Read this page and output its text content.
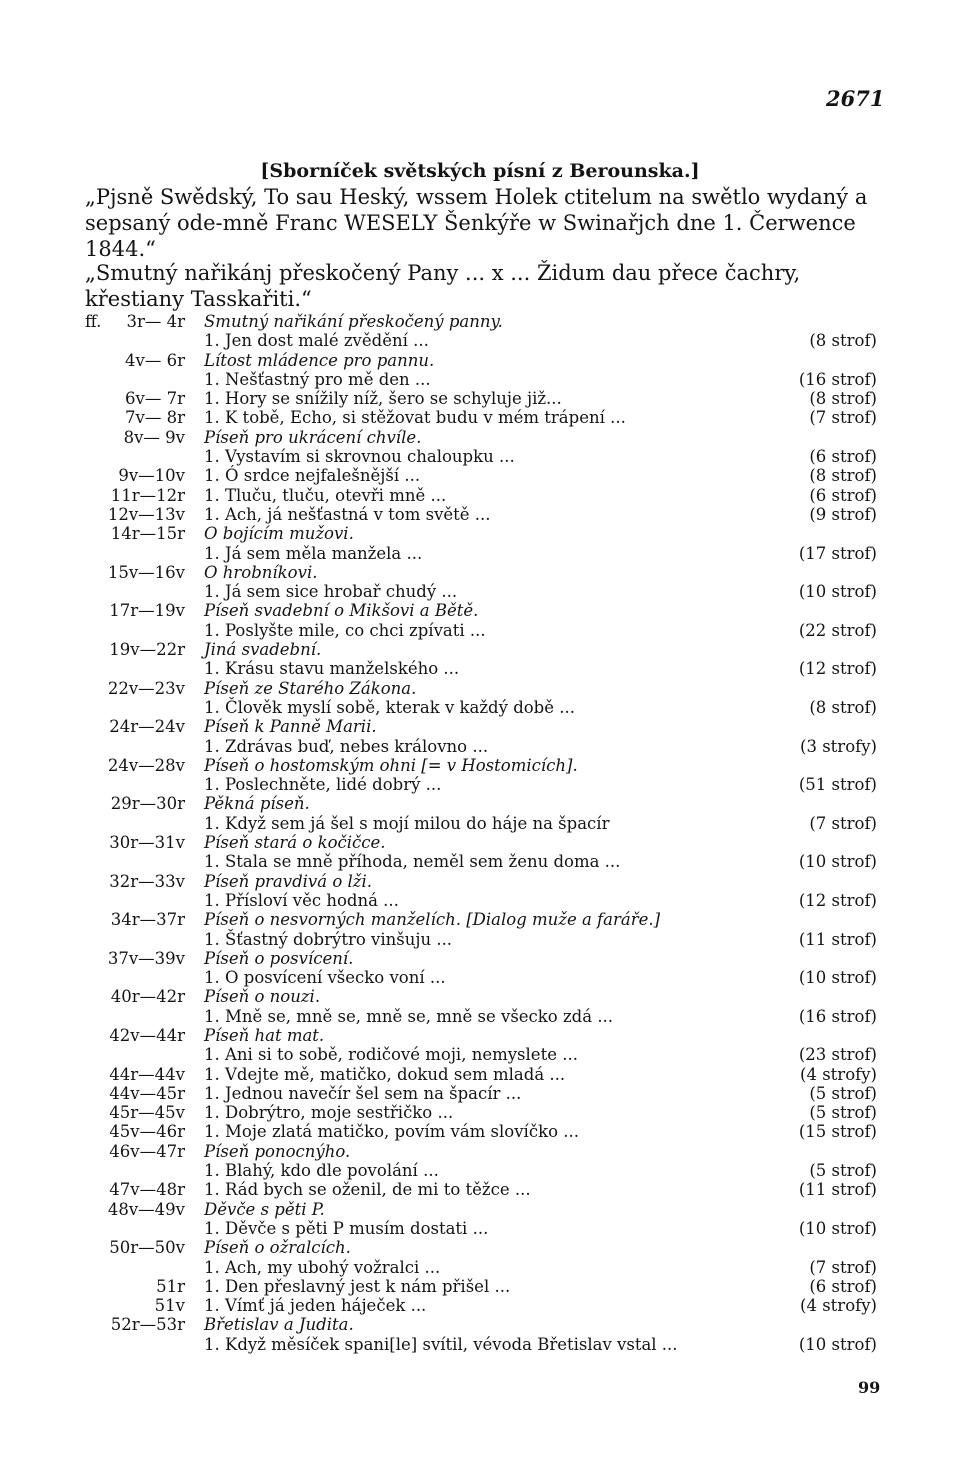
2671
[Sborníček světských písní z Berounska.]
„Pjsně Swědský, To sau Heský, wssem Holek ctitelum na swětlo wydaný a sepsaný ode-mně Franc WESELY Šenkýře w Swinařjch dne 1. Čerwence 1844.“
„Smutný nařikánj přeskočený Pany ... x ... Židum dau přece čachry, křestiany Tasskařiti.“
ff. 3r— 4r Smutný nařikání přeskočený panny.
1. Jen dost malé zvědění ...	(8 strof)
4v— 6r Lítost mládence pro pannu.
1. Nešťastný pro mě den ...	(16 strof)
6v— 7r 1. Hory se snížily níž, šero se schyluje již...	(8 strof)
7v— 8r 1. K tobě, Echo, si stěžovat budu v mém trápení ...	(7 strof)
8v— 9v Píseň pro ukrácení chvíle.
1. Vystavím si skrovnou chaloupku ...	(6 strof)
9v—10v 1. Ó srdce nejfalešnější ...	(8 strof)
11r—12r 1. Tluču, tluču, otevři mně ...	(6 strof)
12v—13v 1. Ach, já nešťastná v tom světě ...	(9 strof)
14r—15r O bojícím mužovi.
1. Já sem měla manžela ...	(17 strof)
15v—16v O hrobníkovi.
1. Já sem sice hrobař chudý ...	(10 strof)
17r—19v Píseň svadební o Mikšovi a Bětě.
1. Poslyšte mile, co chci zpívati ...	(22 strof)
19v—22r Jiná svadební.
1. Krásu stavu manželského ...	(12 strof)
22v—23v Píseň ze Starého Zákona.
1. Člověk myslí sobě, kterak v každý době ...	(8 strof)
24r—24v Píseň k Panně Marii.
1. Zdrávas buď, nebes královno ...	(3 strofy)
24v—28v Píseň o hostomským ohni [= v Hostomicích].
1. Poslechněte, lidé dobrý ...	(51 strof)
29r—30r Pěkná píseň.
1. Když sem já šel s mojí milou do háje na špacír	(7 strof)
30r—31v Píseň stará o kočičce.
1. Stala se mně příhoda, neměl sem ženu doma ...	(10 strof)
32r—33v Píseň pravdivá o lži.
1. Přísloví věc hodná ...	(12 strof)
34r—37r Píseň o nesvorných manželích. [Dialog muže a faráře.]
1. Šťastný dobrýtro vinšuju ...	(11 strof)
37v—39v Píseň o posvícení.
1. O posvícení všecko voní ...	(10 strof)
40r—42r Píseň o nouzi.
1. Mně se, mně se, mně se, mně se všecko zdá ...	(16 strof)
42v—44r Píseň hat mat.
1. Ani si to sobě, rodičové moji, nemyslete ...	(23 strof)
44r—44v 1. Vdejte mě, matičko, dokud sem mladá ...	(4 strofy)
44v—45r 1. Jednou navečír šel sem na špacír ...	(5 strof)
45r—45v 1. Dobrýtro, moje sestřičko ...	(5 strof)
45v—46r 1. Moje zlatá matičko, povím vám slovíčko ...	(15 strof)
46v—47r Píseň ponocnýho.
1. Blahý, kdo dle povolání ...	(5 strof)
47v—48r 1. Rád bych se oženil, de mi to těžce ...	(11 strof)
48v—49v Děvče s pěti P.
1. Děvče s pěti P musím dostati ...	(10 strof)
50r—50v Píseň o ožralcích.
1. Ach, my ubohý vožralci ...	(7 strof)
51r 1. Den přeslavný jest k nám přišel ...	(6 strof)
51v 1. Vímť já jeden háječek ...	(4 strofy)
52r—53r Břetislav a Judita.
1. Když měsíček spani[le] svítil, vévoda Břetislav vstal ...	(10 strof)
99
